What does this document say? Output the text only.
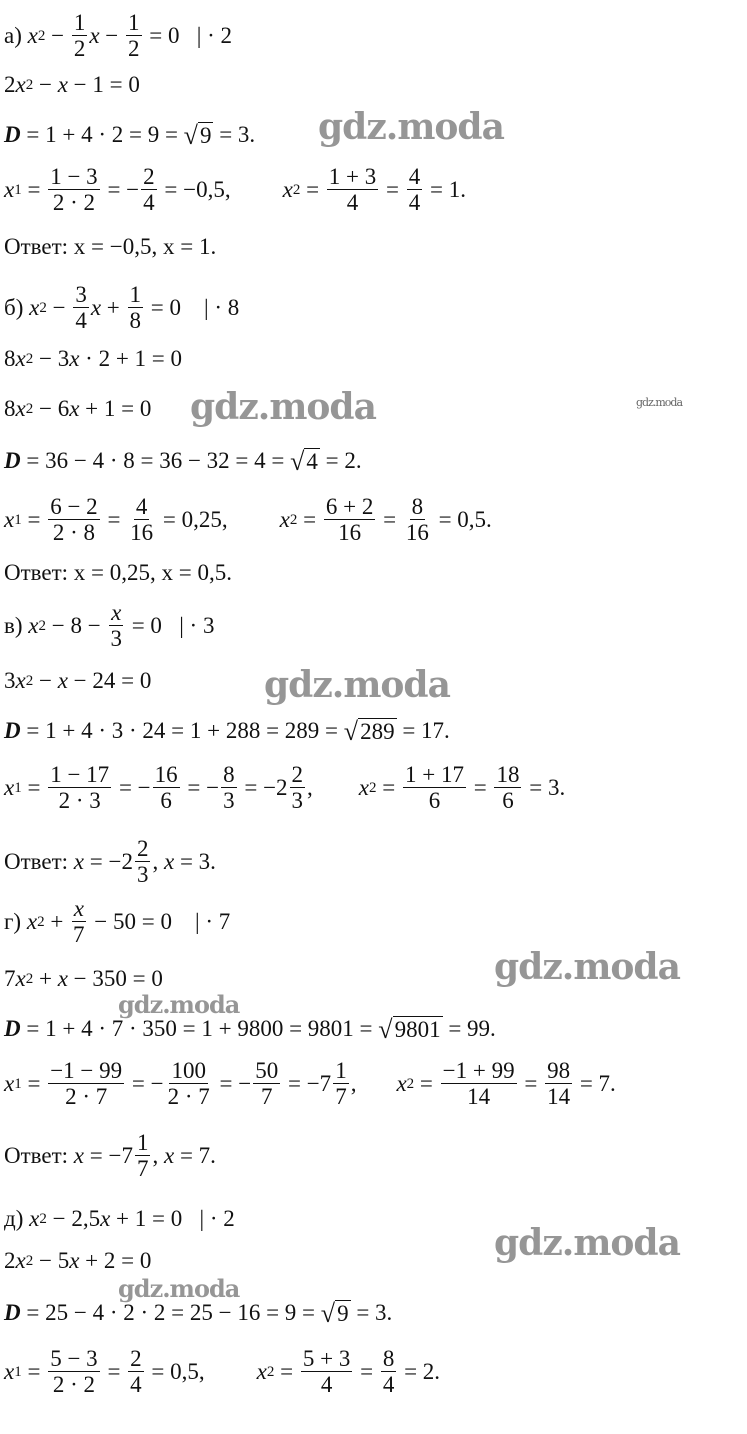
а)
x $2 - \frac{1}{2}$ $x - \frac{1}{2} = 0$ | · 2
2 x 2 − x − 1 = 0
D = 1 + 4 · 2 = 9 = √ 9 = 3.
x $1 = \frac{1 - 3}{2 \cdot 2}$ = − $\frac{2}{4} = -0,5$, x $2 = \frac{1 + 3}{4} = \frac{4}{4} = 1$.
Ответ: x = −0,5, x = 1.
б)
x $2 - \frac{3}{4}$ $x + \frac{1}{8} = 0$ | · 8
8 x 2 − 3 x · 2 + 1 = 0
8 x 2 − 6 x + 1 = 0
D = 36 − 4 · 8 = 36 − 32 = 4 = √ 4 = 2.
x $1 = \frac{6 - 2}{2 \cdot 8} = \frac{4}{16} = 0,25$, x $2 = \frac{6 + 2}{16} = \frac{8}{16} = 0,5$.
Ответ: x = 0,25, x = 0,5.
в)
x $2 - 8 - \frac{x}{3} = 0$ | · 3
3 x 2 − x − 24 = 0
D = 1 + 4 · 3 · 24 = 1 + 288 = 289 = √ 289 = 17.
x $1 = \frac{1 - 17}{2 \cdot 3}$ = − $\frac{16}{6}$ = − $\frac{8}{3} = -2 \frac{2}{3}$ , x $2 = \frac{1 + 17}{6} = \frac{18}{6} = 3$.
Ответ:
$x = -2 \frac{2}{3}$ , x = 3.
г)
x $2 + \frac{x}{7} - 50 = 0$ | · 7
7 x 2 + x − 350 = 0
D = 1 + 4 · 7 · 350 = 1 + 9800 = 9801 = √ 9801 = 99.
x $1 = \frac{-1 - 99}{2 \cdot 7}$ = − $\frac{100}{2 \cdot 7}$ = − $\frac{50}{7} = -7 \frac{1}{7}$ , x $2 = \frac{-1 + 99}{14} = \frac{98}{14} = 7$.
Ответ:
$x = -7 \frac{1}{7}$ , x = 7.
д)
x 2 − 2,5 x + 1 = 0 | · 2
2 x 2 − 5 x + 2 = 0
D = 25 − 4 · 2 · 2 = 25 − 16 = 9 = √ 9 = 3.
x $1 = \frac{5 - 3}{2 \cdot 2} = \frac{2}{4} = 0,5$, x $2 = \frac{5 + 3}{4} = \frac{8}{4} = 2$.
gdz.moda
gdz.moda	gdz.moda
gdz.moda
gdz.moda
gdz.moda
gdz.moda
gdz.moda
